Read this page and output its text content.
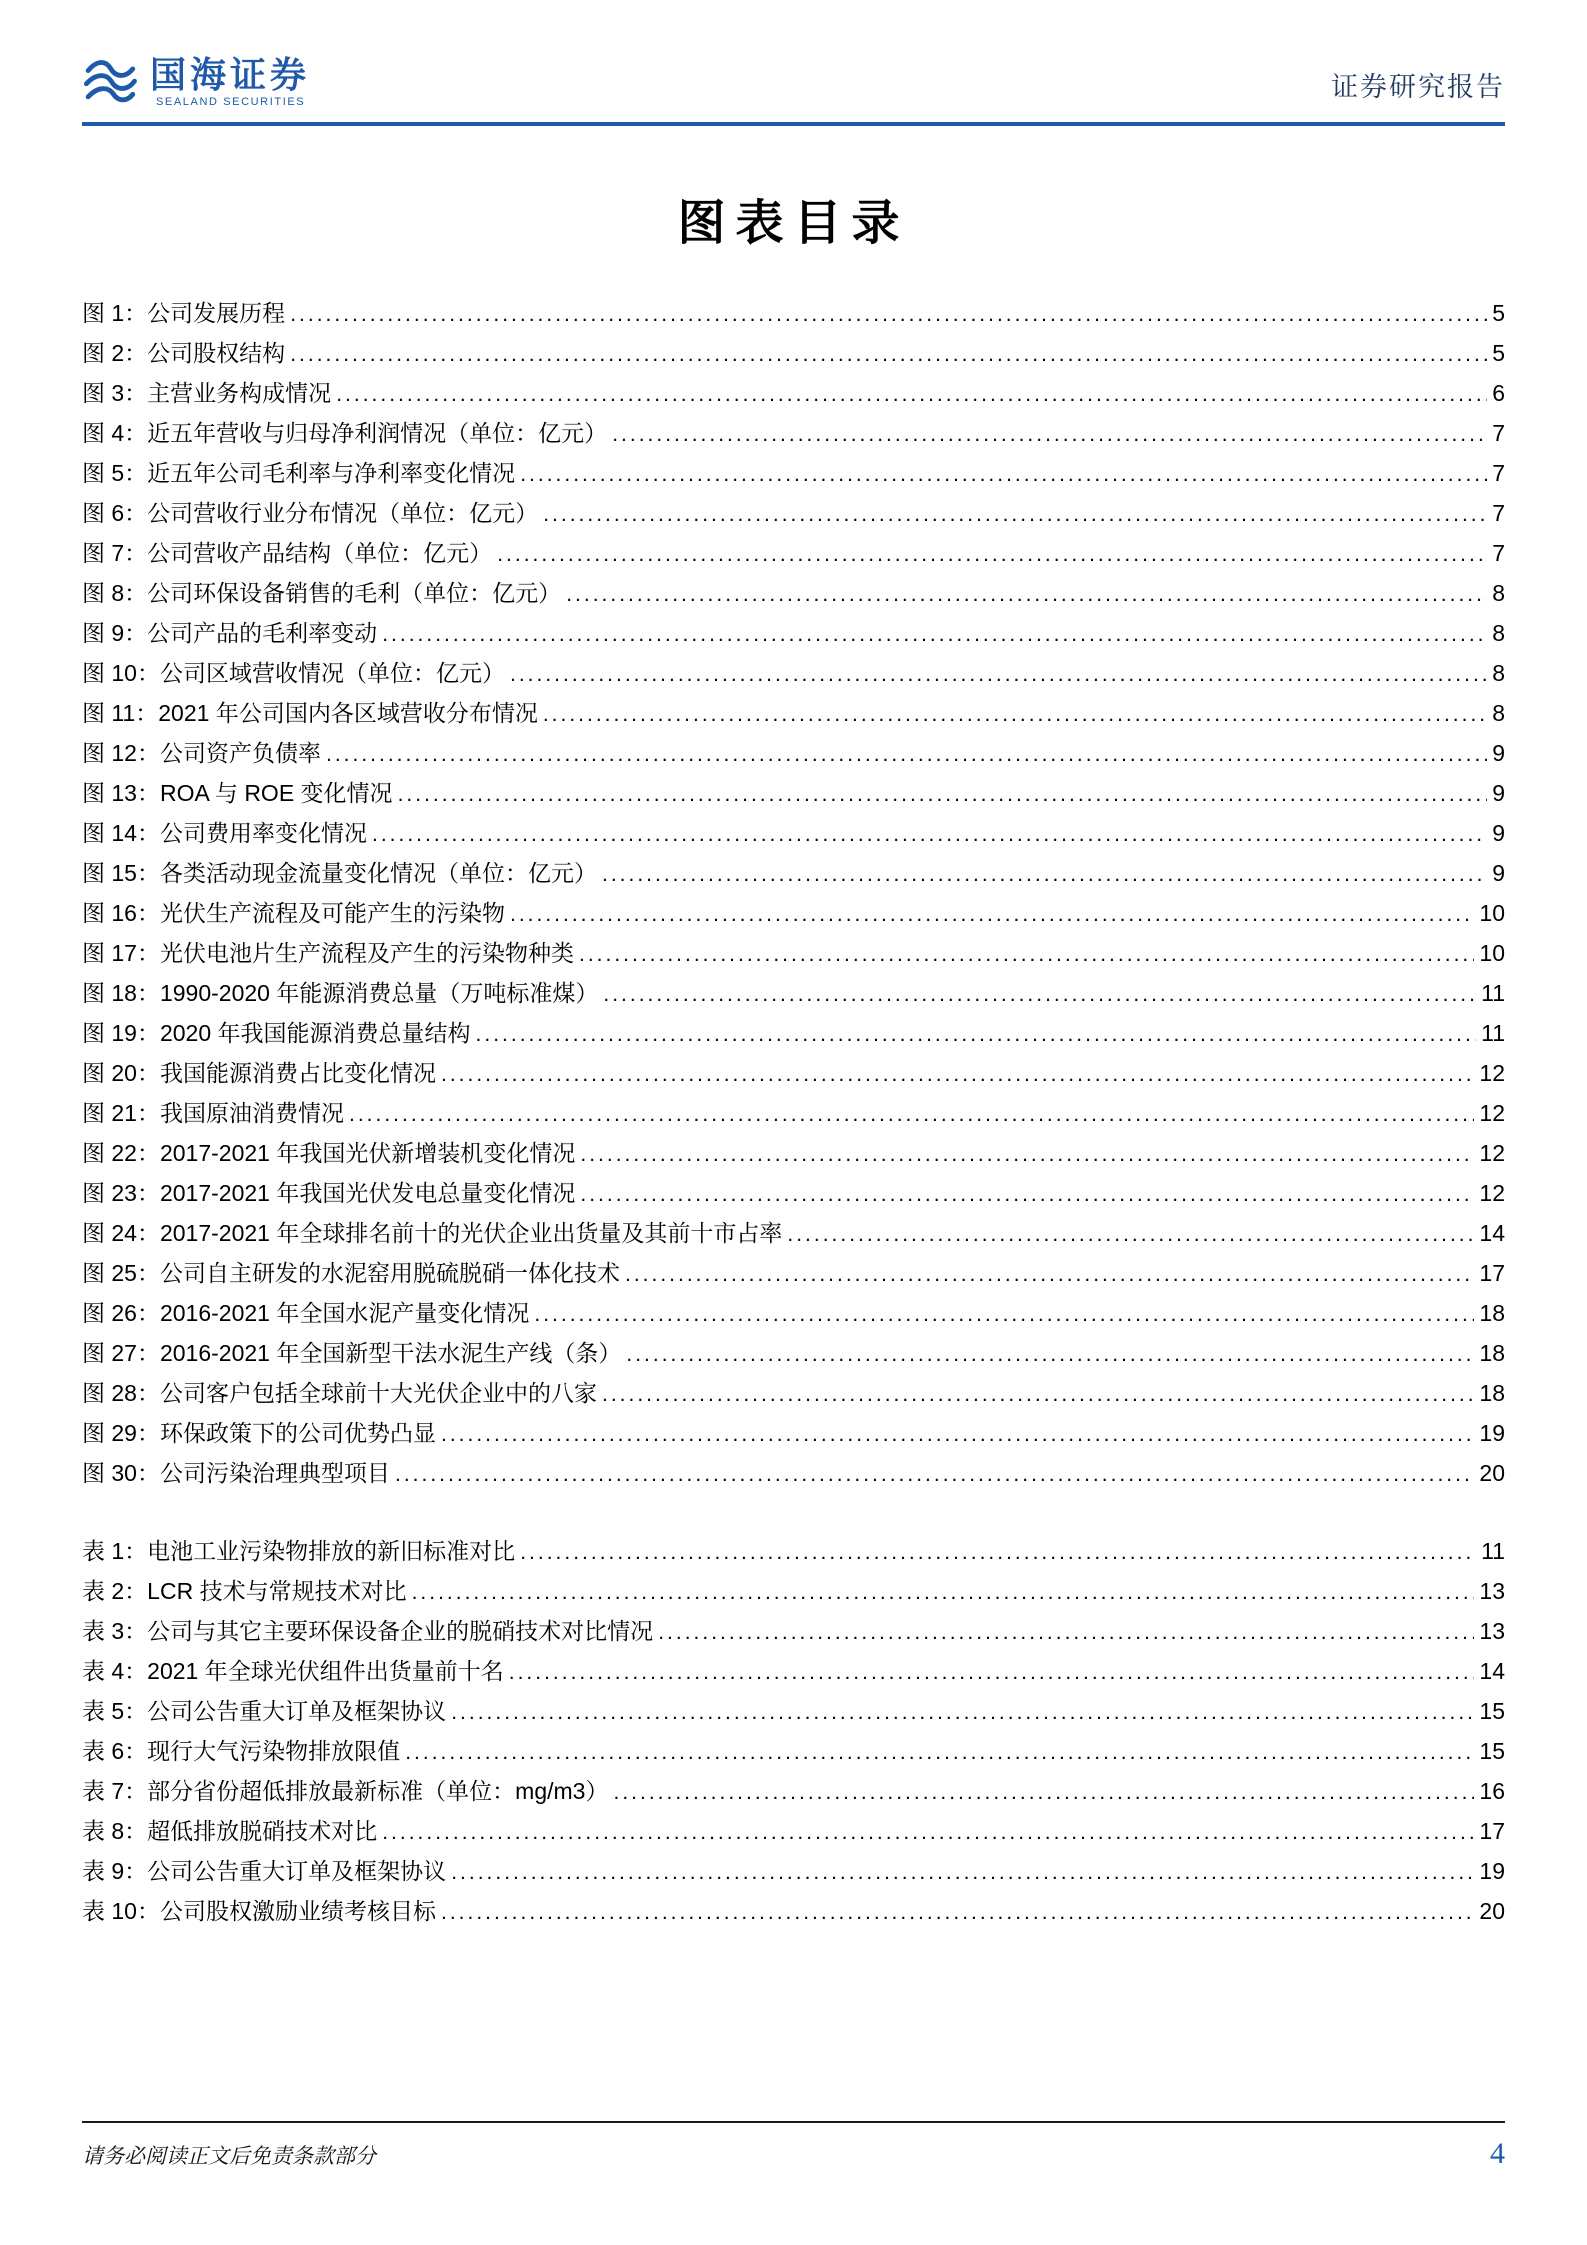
国海证券
SEALAND SECURITIES
证券研究报告
图表目录
图 1：公司发展历程 .....	5
图 2：公司股权结构 .....	5
图 3：主营业务构成情况 .....	6
图 4：近五年营收与归母净利润情况（单位：亿元） .....	7
图 5：近五年公司毛利率与净利率变化情况 .....	7
图 6：公司营收行业分布情况（单位：亿元） .....	7
图 7：公司营收产品结构（单位：亿元） .....	7
图 8：公司环保设备销售的毛利（单位：亿元） .....	8
图 9：公司产品的毛利率变动 .....	8
图 10：公司区域营收情况（单位：亿元） .....	8
图 11：2021 年公司国内各区域营收分布情况 .....	8
图 12：公司资产负债率 .....	9
图 13：ROA 与 ROE 变化情况 .....	9
图 14：公司费用率变化情况 .....	9
图 15：各类活动现金流量变化情况（单位：亿元） .....	9
图 16：光伏生产流程及可能产生的污染物 .....	10
图 17：光伏电池片生产流程及产生的污染物种类 .....	10
图 18：1990-2020 年能源消费总量（万吨标准煤） .....	11
图 19：2020 年我国能源消费总量结构 .....	11
图 20：我国能源消费占比变化情况 .....	12
图 21：我国原油消费情况 .....	12
图 22：2017-2021 年我国光伏新增装机变化情况 .....	12
图 23：2017-2021 年我国光伏发电总量变化情况 .....	12
图 24：2017-2021 年全球排名前十的光伏企业出货量及其前十市占率 .....	14
图 25：公司自主研发的水泥窑用脱硫脱硝一体化技术 .....	17
图 26：2016-2021 年全国水泥产量变化情况 .....	18
图 27：2016-2021 年全国新型干法水泥生产线（条） .....	18
图 28：公司客户包括全球前十大光伏企业中的八家 .....	18
图 29：环保政策下的公司优势凸显 .....	19
图 30：公司污染治理典型项目 .....	20
表 1：电池工业污染物排放的新旧标准对比 .....	11
表 2：LCR 技术与常规技术对比 .....	13
表 3：公司与其它主要环保设备企业的脱硝技术对比情况 .....	13
表 4：2021 年全球光伏组件出货量前十名 .....	14
表 5：公司公告重大订单及框架协议 .....	15
表 6：现行大气污染物排放限值 .....	15
表 7：部分省份超低排放最新标准（单位：mg/m3） .....	16
表 8：超低排放脱硝技术对比 .....	17
表 9：公司公告重大订单及框架协议 .....	19
表 10：公司股权激励业绩考核目标 .....	20
请务必阅读正文后免责条款部分	4
